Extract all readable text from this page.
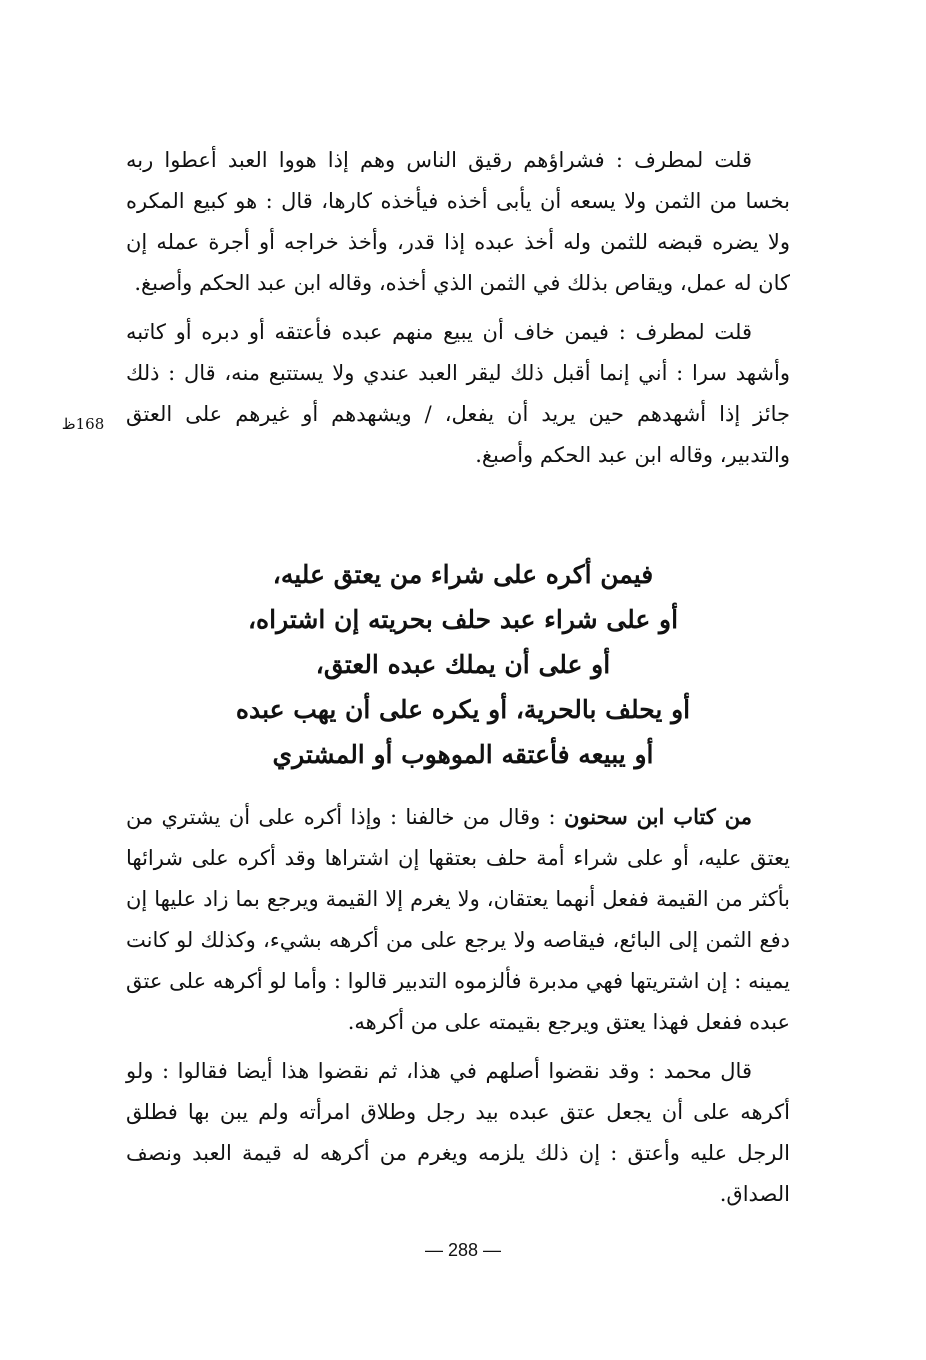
قلت لمطرف : فشراؤهم رقيق الناس وهم إذا هووا العبد أعطوا ربه بخسا من الثمن ولا يسعه أن يأبى أخذه فيأخذه كارها، قال : هو كبيع المكره ولا يضره قبضه للثمن وله أخذ عبده إذا قدر، وأخذ خراجه أو أجرة عمله إن كان له عمل، ويقاص بذلك في الثمن الذي أخذه، وقاله ابن عبد الحكم وأصبغ.

قلت لمطرف : فيمن خاف أن يبيع منهم عبده فأعتقه أو دبره أو كاتبه وأشهد سرا : أني إنما أقبل ذلك ليقر العبد عندي ولا يستتبع منه، قال : ذلك جائز إذا أشهدهم حين يريد أن يفعل، / ويشهدهم أو غيرهم على العتق والتدبير، وقاله ابن عبد الحكم وأصبغ.

168ظ
فيمن أكره على شراء من يعتق عليه،
أو على شراء عبد حلف بحريته إن اشتراه،
أو على أن يملك عبده العتق،
أو يحلف بالحرية، أو يكره على أن يهب عبده
أو يبيعه فأعتقه الموهوب أو المشتري

من كتاب ابن سحنون : وقال من خالفنا : وإذا أكره على أن يشتري من يعتق عليه، أو على شراء أمة حلف بعتقها إن اشتراها وقد أكره على شرائها بأكثر من القيمة ففعل أنهما يعتقان، ولا يغرم إلا القيمة ويرجع بما زاد عليها إن دفع الثمن إلى البائع، فيقاصه ولا يرجع على من أكرهه بشيء، وكذلك لو كانت يمينه : إن اشتريتها فهي مدبرة فألزموه التدبير قالوا : وأما لو أكرهه على عتق عبده ففعل فهذا يعتق ويرجع بقيمته على من أكرهه.

قال محمد : وقد نقضوا أصلهم في هذا، ثم نقضوا هذا أيضا فقالوا : ولو أكرهه على أن يجعل عتق عبده بيد رجل وطلاق امرأته ولم يبن بها فطلق الرجل عليه وأعتق : إن ذلك يلزمه ويغرم من أكرهه له قيمة العبد ونصف الصداق.

— 288 —
